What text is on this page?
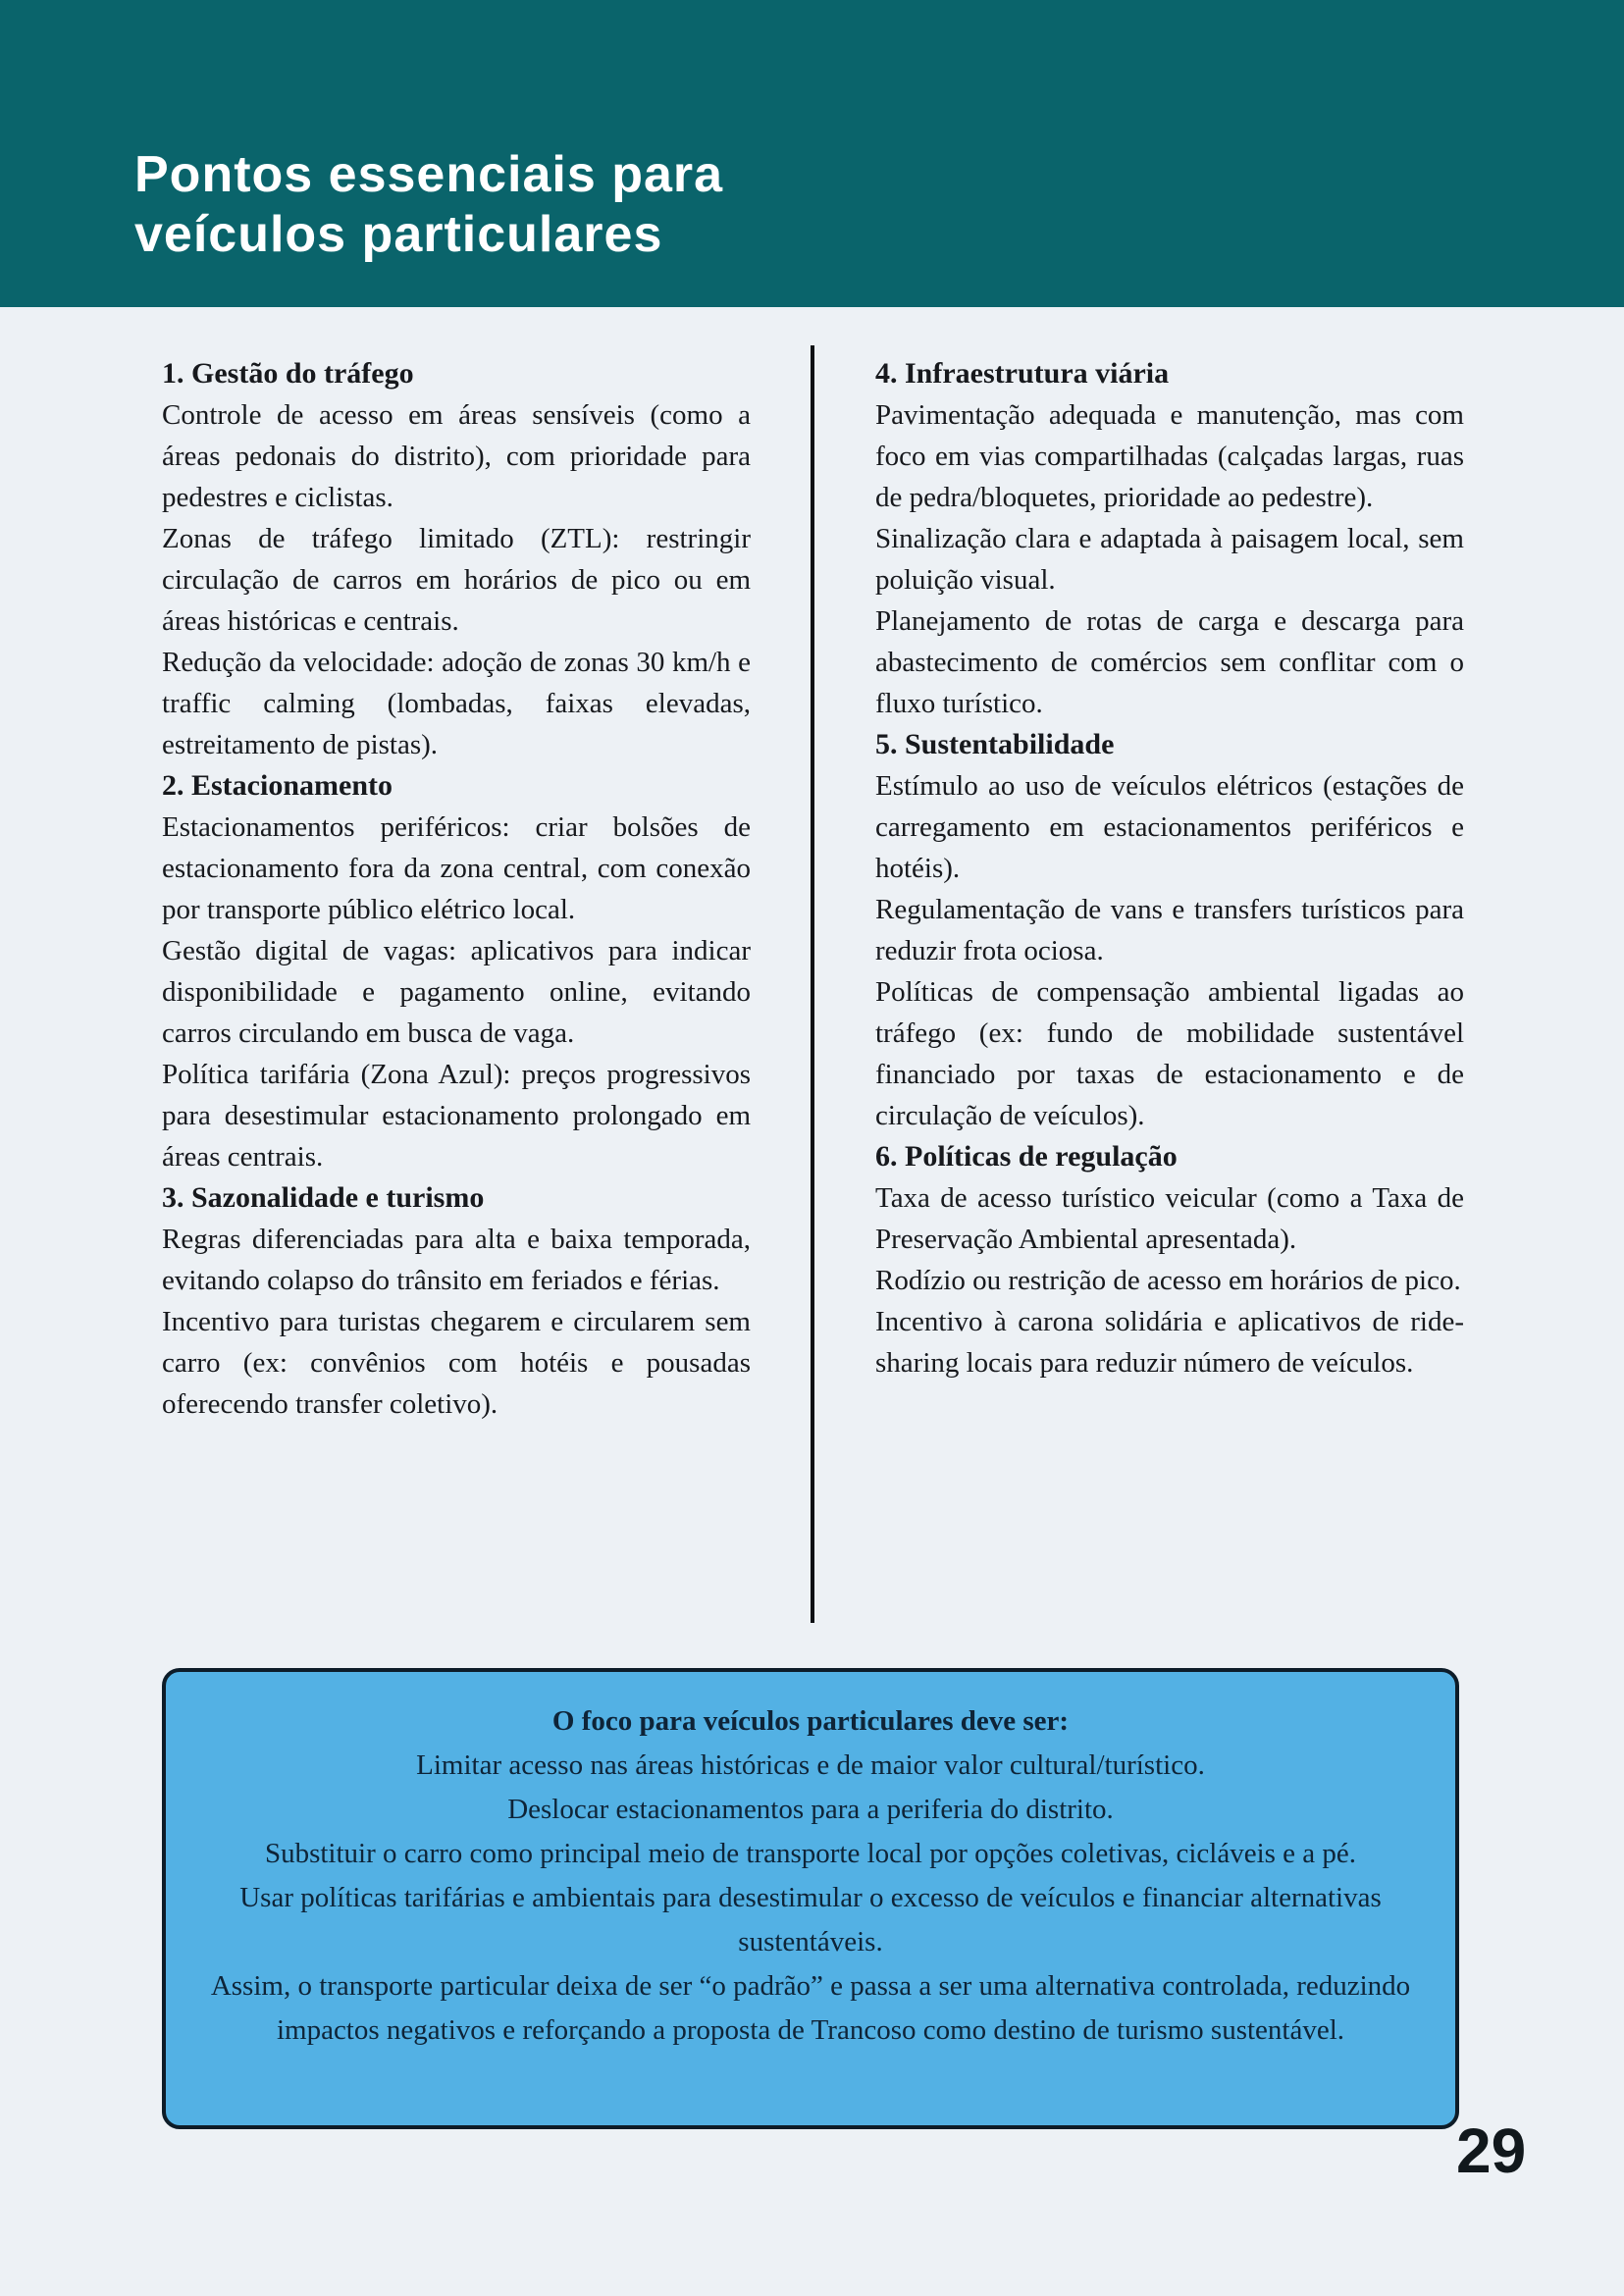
Pontos essenciais para
veículos particulares

1. Gestão do tráfego

Controle de acesso em áreas sensíveis (como a áreas pedonais do distrito), com prioridade para pedestres e ciclistas.

Zonas de tráfego limitado (ZTL): restringir circulação de carros em horários de pico ou em áreas históricas e centrais.

Redução da velocidade: adoção de zonas 30 km/h e traffic calming (lombadas, faixas elevadas, estreitamento de pistas).

2. Estacionamento

Estacionamentos periféricos: criar bolsões de estacionamento fora da zona central, com conexão por transporte público elétrico local.

Gestão digital de vagas: aplicativos para indicar disponibilidade e pagamento online, evitando carros circulando em busca de vaga.

Política tarifária (Zona Azul): preços progressivos para desestimular estacionamento prolongado em áreas centrais.

3. Sazonalidade e turismo

Regras diferenciadas para alta e baixa temporada, evitando colapso do trânsito em feriados e férias.

Incentivo para turistas chegarem e circularem sem carro (ex: convênios com hotéis e pousadas oferecendo transfer coletivo).

4. Infraestrutura viária

Pavimentação adequada e manutenção, mas com foco em vias compartilhadas (calçadas largas, ruas de pedra/bloquetes, prioridade ao pedestre).

Sinalização clara e adaptada à paisagem local, sem poluição visual.

Planejamento de rotas de carga e descarga para abastecimento de comércios sem conflitar com o fluxo turístico.

5. Sustentabilidade

Estímulo ao uso de veículos elétricos (estações de carregamento em estacionamentos periféricos e hotéis).

Regulamentação de vans e transfers turísticos para reduzir frota ociosa.

Políticas de compensação ambiental ligadas ao tráfego (ex: fundo de mobilidade sustentável financiado por taxas de estacionamento e de circulação de veículos).

6. Políticas de regulação

Taxa de acesso turístico veicular (como a Taxa de Preservação Ambiental apresentada).

Rodízio ou restrição de acesso em horários de pico.

Incentivo à carona solidária e aplicativos de ride-sharing locais para reduzir número de veículos.

O foco para veículos particulares deve ser:

Limitar acesso nas áreas históricas e de maior valor cultural/turístico.

Deslocar estacionamentos para a periferia do distrito.

Substituir o carro como principal meio de transporte local por opções coletivas, cicláveis e a pé.

Usar políticas tarifárias e ambientais para desestimular o excesso de veículos e financiar alternativas sustentáveis.

Assim, o transporte particular deixa de ser “o padrão” e passa a ser uma alternativa controlada, reduzindo impactos negativos e reforçando a proposta de Trancoso como destino de turismo sustentável.

29
